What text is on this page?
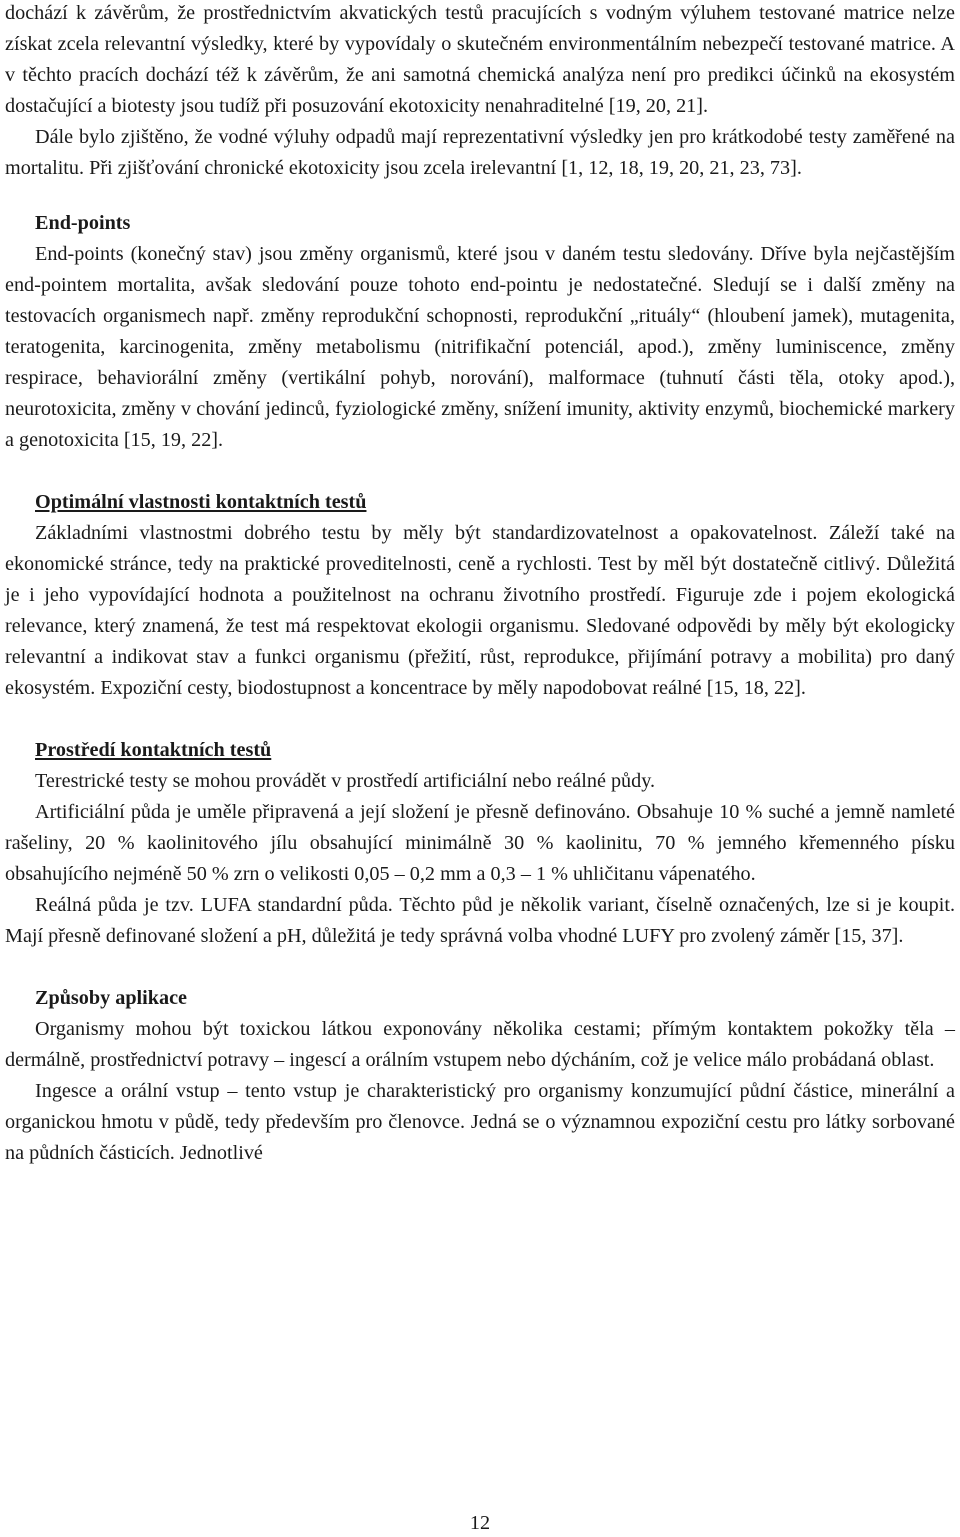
dochází k závěrům, že prostřednictvím akvatických testů pracujících s vodným výluhem testované matrice nelze získat zcela relevantní výsledky, které by vypovídaly o skutečném environmentálním nebezpečí testované matrice. A v těchto pracích dochází též k závěrům, že ani samotná chemická analýza není pro predikci účinků na ekosystém dostačující a biotesty jsou tudíž při posuzování ekotoxicity nenahraditelné [19, 20, 21].

Dále bylo zjištěno, že vodné výluhy odpadů mají reprezentativní výsledky jen pro krátkodobé testy zaměřené na mortalitu. Při zjišťování chronické ekotoxicity jsou zcela irelevantní [1, 12, 18, 19, 20, 21, 23, 73].

End-points

End-points (konečný stav) jsou změny organismů, které jsou v daném testu sledovány. Dříve byla nejčastějším end-pointem mortalita, avšak sledování pouze tohoto end-pointu je nedostatečné. Sledují se i další změny na testovacích organismech např. změny reprodukční schopnosti, reprodukční „rituály“ (hloubení jamek), mutagenita, teratogenita, karcinogenita, změny metabolismu (nitrifikační potenciál, apod.), změny luminiscence, změny respirace, behaviorální změny (vertikální pohyb, norování), malformace (tuhnutí části těla, otoky apod.), neurotoxicita, změny v chování jedinců, fyziologické změny, snížení imunity, aktivity enzymů, biochemické markery a genotoxicita [15, 19, 22].

Optimální vlastnosti kontaktních testů

Základními vlastnostmi dobrého testu by měly být standardizovatelnost a opakovatelnost. Záleží také na ekonomické stránce, tedy na praktické proveditelnosti, ceně a rychlosti. Test by měl být dostatečně citlivý. Důležitá je i jeho vypovídající hodnota a použitelnost na ochranu životního prostředí. Figuruje zde i pojem ekologická relevance, který znamená, že test má respektovat ekologii organismu. Sledované odpovědi by měly být ekologicky relevantní a indikovat stav a funkci organismu (přežití, růst, reprodukce, přijímání potravy a mobilita) pro daný ekosystém. Expoziční cesty, biodostupnost a koncentrace by měly napodobovat reálné [15, 18, 22].

Prostředí kontaktních testů

Terestrické testy se mohou provádět v prostředí artificiální nebo reálné půdy.

Artificiální půda je uměle připravená a její složení je přesně definováno. Obsahuje 10 % suché a jemně namleté rašeliny, 20 % kaolinitového jílu obsahující minimálně 30 % kaolinitu, 70 % jemného křemenného písku obsahujícího nejméně 50 % zrn o velikosti 0,05 – 0,2 mm a 0,3 – 1 % uhličitanu vápenatého.

Reálná půda je tzv. LUFA standardní půda. Těchto půd je několik variant, číselně označených, lze si je koupit. Mají přesně definované složení a pH, důležitá je tedy správná volba vhodné LUFY pro zvolený záměr [15, 37].

Způsoby aplikace

Organismy mohou být toxickou látkou exponovány několika cestami; přímým kontaktem pokožky těla – dermálně, prostřednictví potravy – ingescí a orálním vstupem nebo dýcháním, což je velice málo probádaná oblast.

Ingesce a orální vstup – tento vstup je charakteristický pro organismy konzumující půdní částice, minerální a organickou hmotu v půdě, tedy především pro členovce. Jedná se o významnou expoziční cestu pro látky sorbované na půdních částicích. Jednotlivé

12
